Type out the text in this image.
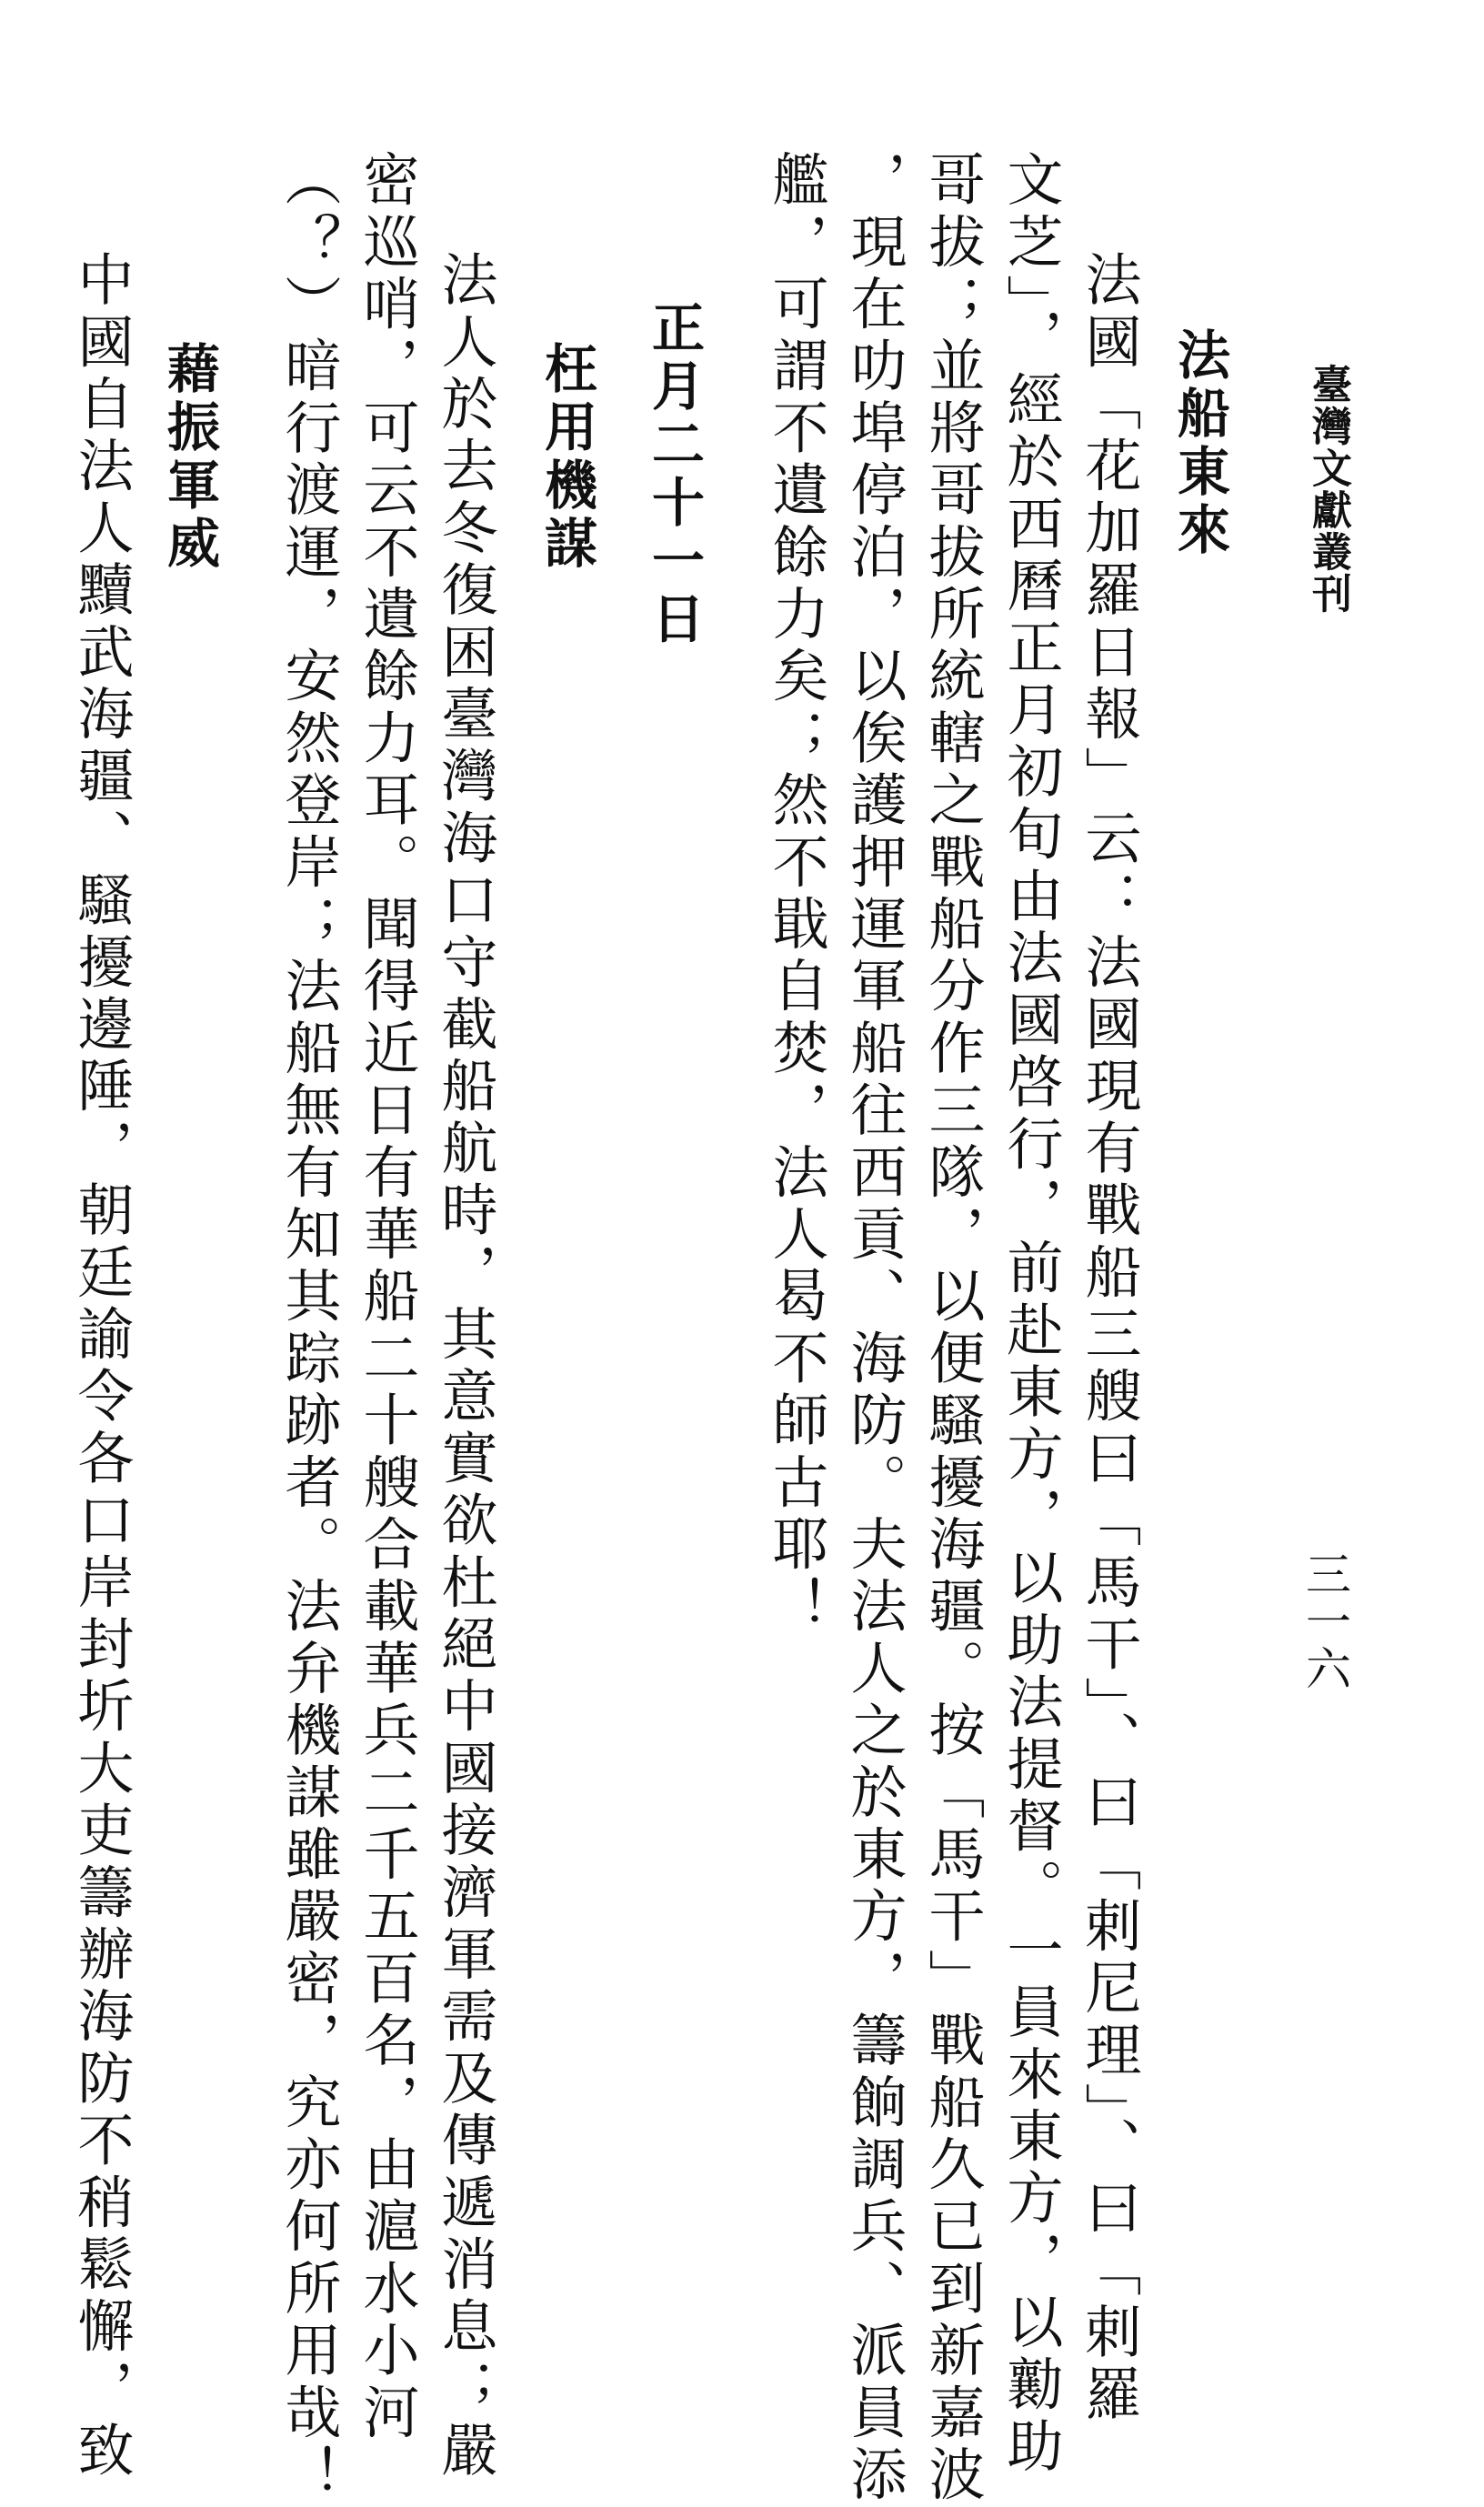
臺灣文獻叢刊
三一六
法船東來
法國「花加羅日報」云：法國現有戰船三艘曰「馬干」、曰「剌尼理」、曰「剌羅
文芝」，經於西曆正月初旬由法國啓行，前赴東方，以助法提督。一員來東方，以勷助
哥拔；並將哥拔所統轄之戰船分作三隊，以便騷擾海疆。按「馬干」戰船久已到新嘉波
，現在叻埠停泊，以俟護押運軍船往西貢、海防。夫法人之於東方，籌餉調兵、派員添
艦，可謂不遺餘力矣；然不戢自焚，法人曷不師古耶！
正月二十一日
枉用機謀
法人於去冬復困臺灣海口守截船航時，其意實欲杜絕中國接濟軍需及傳遞消息；嚴
密巡哨，可云不遺餘力耳。聞得近日有華船二十艘合載華兵二千五百名，由滬水小河
（？）暗行渡運，安然登岸；法船無有知其踪跡者。法弁機謀雖嚴密，究亦何所用哉！
藉振軍威
中國自法人黷武海疆、騷擾邊陲，朝廷諭令各口岸封圻大吏籌辦海防不稍鬆懈，致
